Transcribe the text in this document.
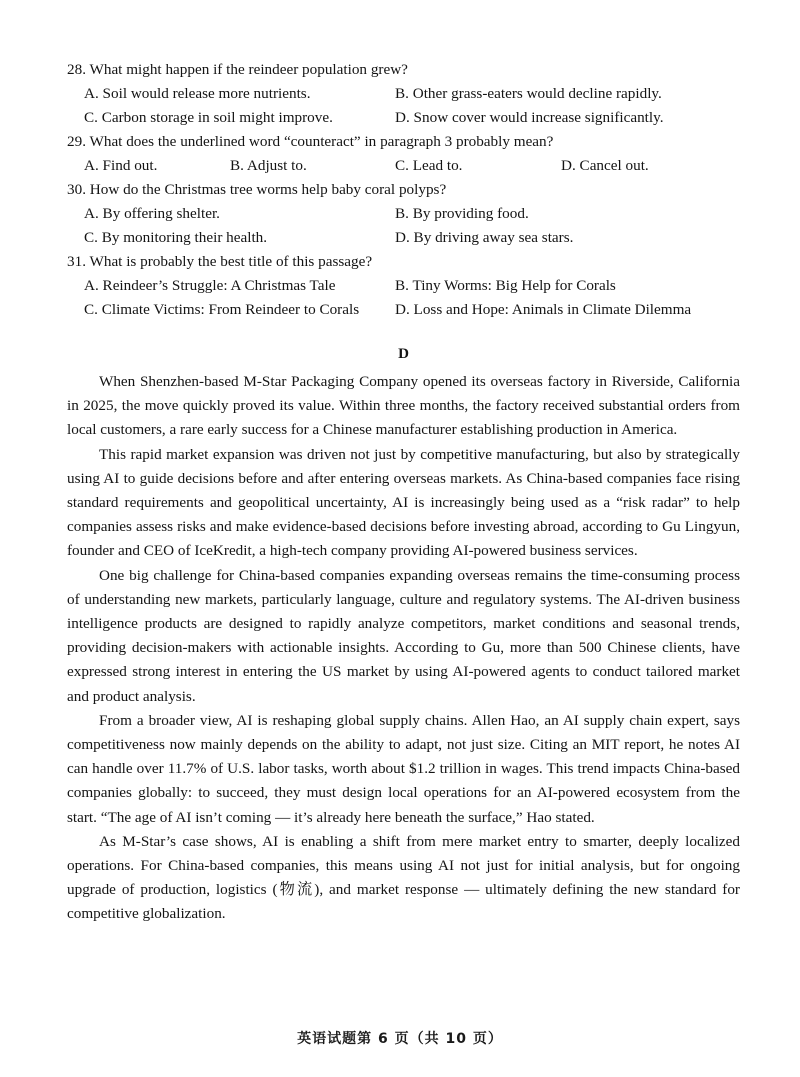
28. What might happen if the reindeer population grew?
A. Soil would release more nutrients.	B. Other grass-eaters would decline rapidly.
C. Carbon storage in soil might improve.	D. Snow cover would increase significantly.
29. What does the underlined word “counteract” in paragraph 3 probably mean?
A. Find out.	B. Adjust to.	C. Lead to.	D. Cancel out.
30. How do the Christmas tree worms help baby coral polyps?
A. By offering shelter.	B. By providing food.
C. By monitoring their health.	D. By driving away sea stars.
31. What is probably the best title of this passage?
A. Reindeer’s Struggle: A Christmas Tale	B. Tiny Worms: Big Help for Corals
C. Climate Victims: From Reindeer to Corals	D. Loss and Hope: Animals in Climate Dilemma
D

When Shenzhen-based M-Star Packaging Company opened its overseas factory in Riverside, California in 2025, the move quickly proved its value. Within three months, the factory received substantial orders from local customers, a rare early success for a Chinese manufacturer establishing production in America.

This rapid market expansion was driven not just by competitive manufacturing, but also by strategically using AI to guide decisions before and after entering overseas markets. As China-based companies face rising standard requirements and geopolitical uncertainty, AI is increasingly being used as a “risk radar” to help companies assess risks and make evidence-based decisions before investing abroad, according to Gu Lingyun, founder and CEO of IceKredit, a high-tech company providing AI-powered business services.

One big challenge for China-based companies expanding overseas remains the time-consuming process of understanding new markets, particularly language, culture and regulatory systems. The AI-driven business intelligence products are designed to rapidly analyze competitors, market conditions and seasonal trends, providing decision-makers with actionable insights. According to Gu, more than 500 Chinese clients, have expressed strong interest in entering the US market by using AI-powered agents to conduct tailored market and product analysis.

From a broader view, AI is reshaping global supply chains. Allen Hao, an AI supply chain expert, says competitiveness now mainly depends on the ability to adapt, not just size. Citing an MIT report, he notes AI can handle over 11.7% of U.S. labor tasks, worth about $1.2 trillion in wages. This trend impacts China-based companies globally: to succeed, they must design local operations for an AI-powered ecosystem from the start. “The age of AI isn’t coming — it’s already here beneath the surface,” Hao stated.

As M-Star’s case shows, AI is enabling a shift from mere market entry to smarter, deeply localized operations. For China-based companies, this means using AI not just for initial analysis, but for ongoing upgrade of production, logistics (物流), and market response — ultimately defining the new standard for competitive globalization.

英语试题第 6 页（共 10 页）
